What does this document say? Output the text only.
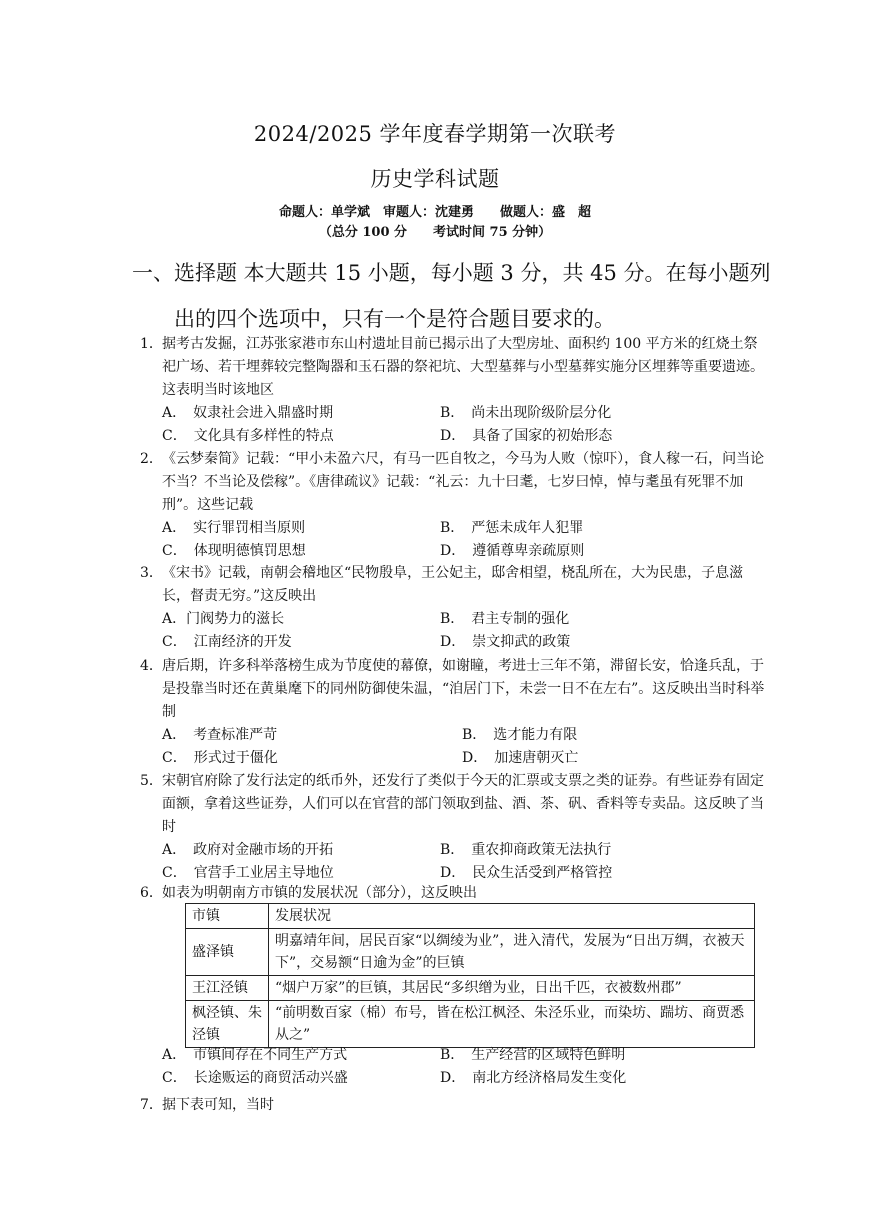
2024/2025 学年度春学期第一次联考
历史学科试题
命题人：单学斌　审题人：沈建勇　　做题人：盛　超
（总分 100 分　　考试时间 75 分钟）
一、选择题 本大题共 15 小题，每小题 3 分，共 45 分。在每小题列
出的四个选项中，只有一个是符合题目要求的。
1．据考古发掘，江苏张家港市东山村遗址目前已揭示出了大型房址、面积约 100 平方米的红烧土祭祀广场、若干埋葬较完整陶器和玉石器的祭祀坑、大型墓葬与小型墓葬实施分区埋葬等重要遗迹。这表明当时该地区
A．　奴隶社会进入鼎盛时期	B．　尚未出现阶级阶层分化
C．　文化具有多样性的特点	D．　具备了国家的初始形态
2．《云梦秦简》记载：“甲小未盈六尺，有马一匹自牧之，今马为人败（惊吓），食人稼一石，问当论不当？不当论及偿稼”。《唐律疏议》记载：“礼云：九十曰耄，七岁曰悼，悼与耄虽有死罪不加刑”。这些记载
A．　实行罪罚相当原则	B．　严惩未成年人犯罪
C．　体现明德慎罚思想	D．　遵循尊卑亲疏原则
3．《宋书》记载，南朝会稽地区“民物殷阜，王公妃主，邸舍相望，桡乱所在，大为民患，子息滋长，督责无穷。”这反映出
A．门阀势力的滋长	B．　君主专制的强化
C．　江南经济的开发	D．　崇文抑武的政策
4．唐后期，许多科举落榜生成为节度使的幕僚，如谢瞳，考进士三年不第，滞留长安，恰逢兵乱，于是投靠当时还在黄巢麾下的同州防御使朱温，“洎居门下，未尝一日不在左右”。这反映出当时科举制
A．　考查标准严苛	B．　选才能力有限
C．　形式过于僵化	D．　加速唐朝灭亡
5．宋朝官府除了发行法定的纸币外，还发行了类似于今天的汇票或支票之类的证券。有些证券有固定面额，拿着这些证券，人们可以在官营的部门领取到盐、酒、茶、矾、香料等专卖品。这反映了当时
A．　政府对金融市场的开拓	B．　重农抑商政策无法执行
C．　官营手工业居主导地位	D．　民众生活受到严格管控
6．如表为明朝南方市镇的发展状况（部分），这反映出
市镇	发展状况
盛泽镇	明嘉靖年间，居民百家“以绸绫为业”，进入清代，发展为“日出万绸，衣被天下”，交易额“日逾为金”的巨镇
王江泾镇	“烟户万家”的巨镇，其居民“多织缯为业，日出千匹，衣被数州郡”
枫泾镇、朱泾镇	“前明数百家（棉）布号，皆在松江枫泾、朱泾乐业，而染坊、踹坊、商贾悉从之”
A．　市镇间存在不同生产方式	B．　生产经营的区域特色鲜明
C．　长途贩运的商贸活动兴盛	D．　南北方经济格局发生变化
7．据下表可知，当时
